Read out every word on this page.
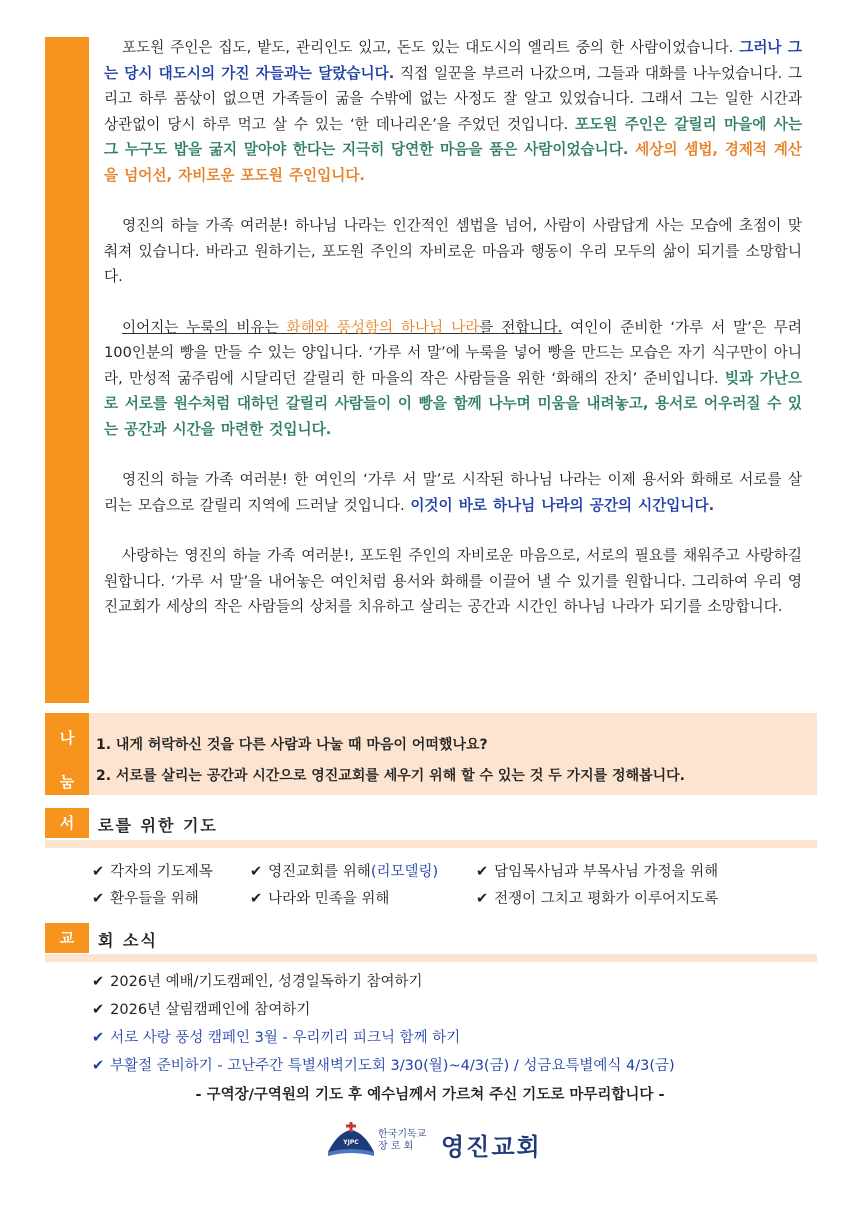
포도원 주인은 집도, 밭도, 관리인도 있고, 돈도 있는 대도시의 엘리트 중의 한 사람이었습니다. 그러나 그는 당시 대도시의 가진 자들과는 달랐습니다. 직접 일꾼을 부르러 나갔으며, 그들과 대화를 나누었습니다. 그리고 하루 품삯이 없으면 가족들이 굶을 수밖에 없는 사정도 잘 알고 있었습니다. 그래서 그는 일한 시간과 상관없이 당시 하루 먹고 살 수 있는 ‘한 데나리온’을 주었던 것입니다. 포도원 주인은 갈릴리 마을에 사는 그 누구도 밥을 굶지 말아야 한다는 지극히 당연한 마음을 품은 사람이었습니다. 세상의 셈법, 경제적 계산을 넘어선, 자비로운 포도원 주인입니다.

영진의 하늘 가족 여러분! 하나님 나라는 인간적인 셈법을 넘어, 사람이 사람답게 사는 모습에 초점이 맞춰져 있습니다. 바라고 원하기는, 포도원 주인의 자비로운 마음과 행동이 우리 모두의 삶이 되기를 소망합니다.

이어지는 누룩의 비유는 화해와 풍성함의 하나님 나라를 전합니다. 여인이 준비한 ‘가루 서 말’은 무려 100인분의 빵을 만들 수 있는 양입니다. ‘가루 서 말’에 누룩을 넣어 빵을 만드는 모습은 자기 식구만이 아니라, 만성적 굶주림에 시달리던 갈릴리 한 마을의 작은 사람들을 위한 ‘화해의 잔치’ 준비입니다. 빚과 가난으로 서로를 원수처럼 대하던 갈릴리 사람들이 이 빵을 함께 나누며 미움을 내려놓고, 용서로 어우러질 수 있는 공간과 시간을 마련한 것입니다.

영진의 하늘 가족 여러분! 한 여인의 ‘가루 서 말’로 시작된 하나님 나라는 이제 용서와 화해로 서로를 살리는 모습으로 갈릴리 지역에 드러날 것입니다. 이것이 바로 하나님 나라의 공간의 시간입니다.

사랑하는 영진의 하늘 가족 여러분!, 포도원 주인의 자비로운 마음으로, 서로의 필요를 채워주고 사랑하길 원합니다. ‘가루 서 말’을 내어놓은 여인처럼 용서와 화해를 이끌어 낼 수 있기를 원합니다. 그리하여 우리 영진교회가 세상의 작은 사람들의 상처를 치유하고 살리는 공간과 시간인 하나님 나라가 되기를 소망합니다.

나
눔
1. 내게 허락하신 것을 다른 사람과 나눌 때 마음이 어떠했나요?
2. 서로를 살리는 공간과 시간으로 영진교회를 세우기 위해 할 수 있는 것 두 가지를 정해봅니다.
서	로를 위한 기도
✔ 각자의 기도제목	✔ 영진교회를 위해(리모델링)	✔ 담임목사님과 부목사님 가정을 위해
✔ 환우들을 위해	✔ 나라와 민족을 위해	✔ 전쟁이 그치고 평화가 이루어지도록
교	회 소식
✔ 2026년 예배/기도캠페인, 성경일독하기 참여하기
✔ 2026년 살림캠페인에 참여하기
✔ 서로 사랑 풍성 캠페인 3월 - 우리끼리 피크닉 함께 하기
✔ 부활절 준비하기 - 고난주간 특별새벽기도회 3/30(월)~4/3(금) / 성금요특별예식 4/3(금)
- 구역장/구역원의 기도 후 예수님께서 가르쳐 주신 기도로 마무리합니다 -
YJPC
한국기독교
장 로 회	영진교회
